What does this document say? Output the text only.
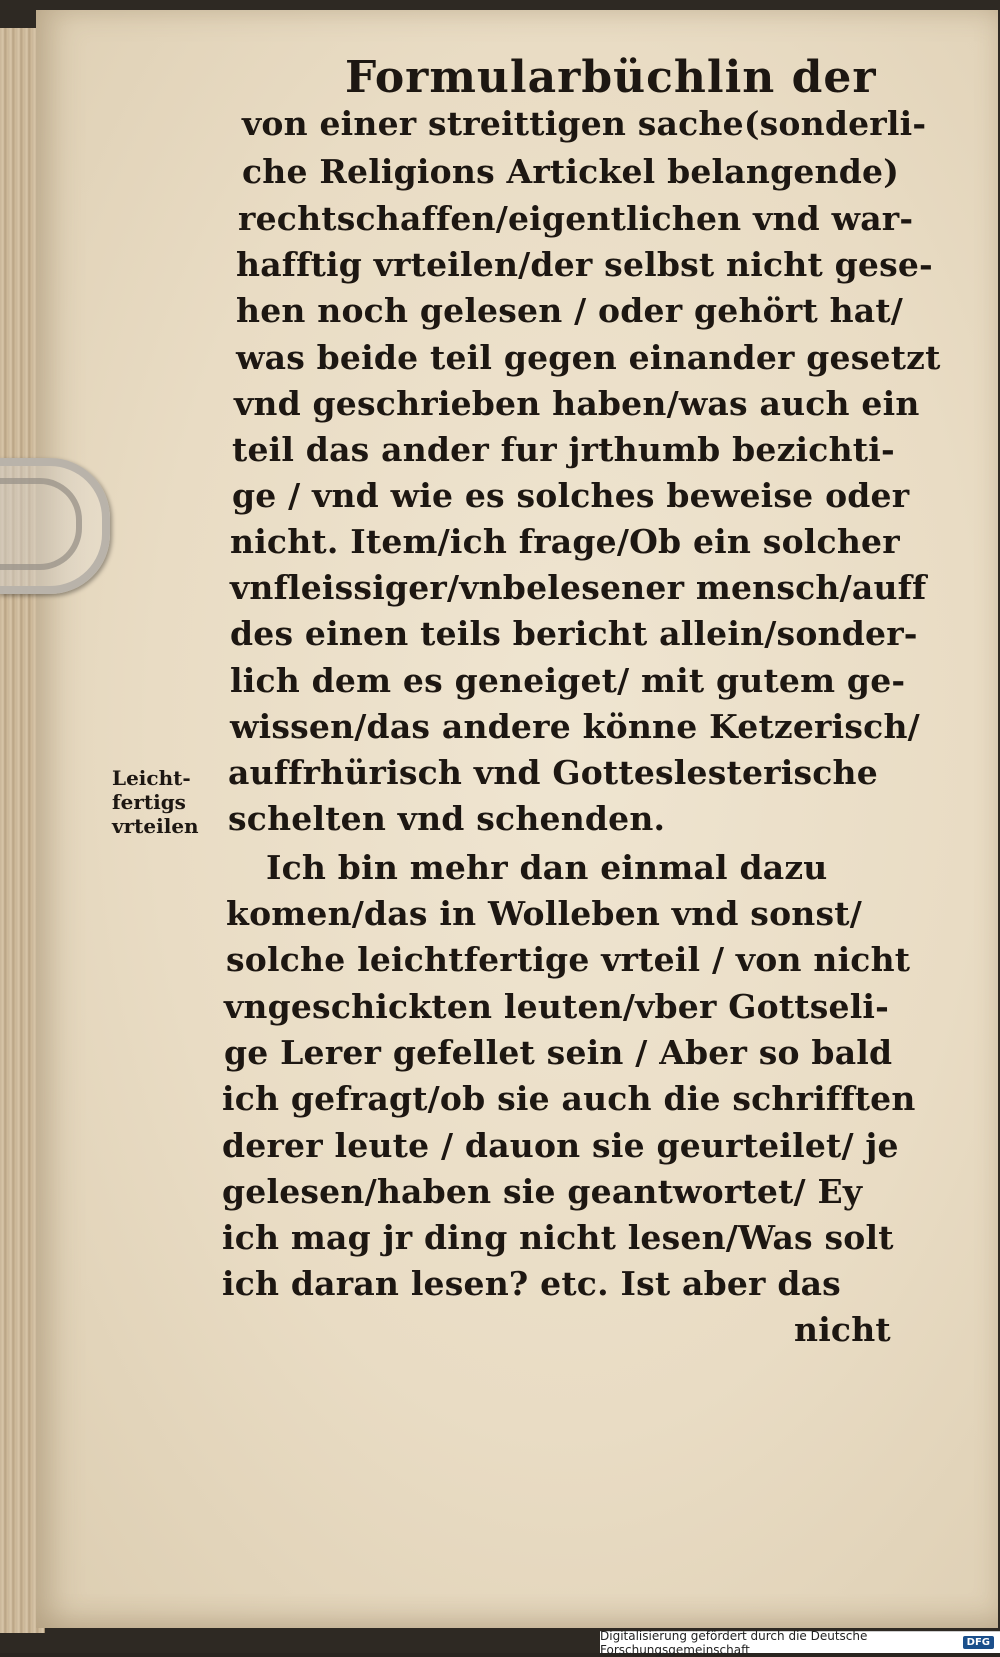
Formularbüchlin der
von einer streittigen sache(sonderli-
che Religions Artickel belangende)
rechtschaffen/eigentlichen vnd war-
hafftig vrteilen/der selbst nicht gese-
hen noch gelesen / oder gehört hat/
was beide teil gegen einander gesetzt
vnd geschrieben haben/was auch ein
teil das ander fur jrthumb bezichti-
ge / vnd wie es solches beweise oder
nicht. Item/ich frage/Ob ein solcher
vnfleissiger/vnbelesener mensch/auff
des einen teils bericht allein/sonder-
lich dem es geneiget/ mit gutem ge-
wissen/das andere könne Ketzerisch/
auffrhürisch vnd Gotteslesterische
schelten vnd schenden.
Ich bin mehr dan einmal dazu
komen/das in Wolleben vnd sonst/
solche leichtfertige vrteil / von nicht
vngeschickten leuten/vber Gottseli-
ge Lerer gefellet sein / Aber so bald
ich gefragt/ob sie auch die schrifften
derer leute / dauon sie geurteilet/ je
gelesen/haben sie geantwortet/ Ey
ich mag jr ding nicht lesen/Was solt
ich daran lesen? etc. Ist aber das
nicht
Leicht-
fertigs
vrteilen
Digitalisierung gefördert durch die Deutsche Forschungsgemeinschaft	DFG
